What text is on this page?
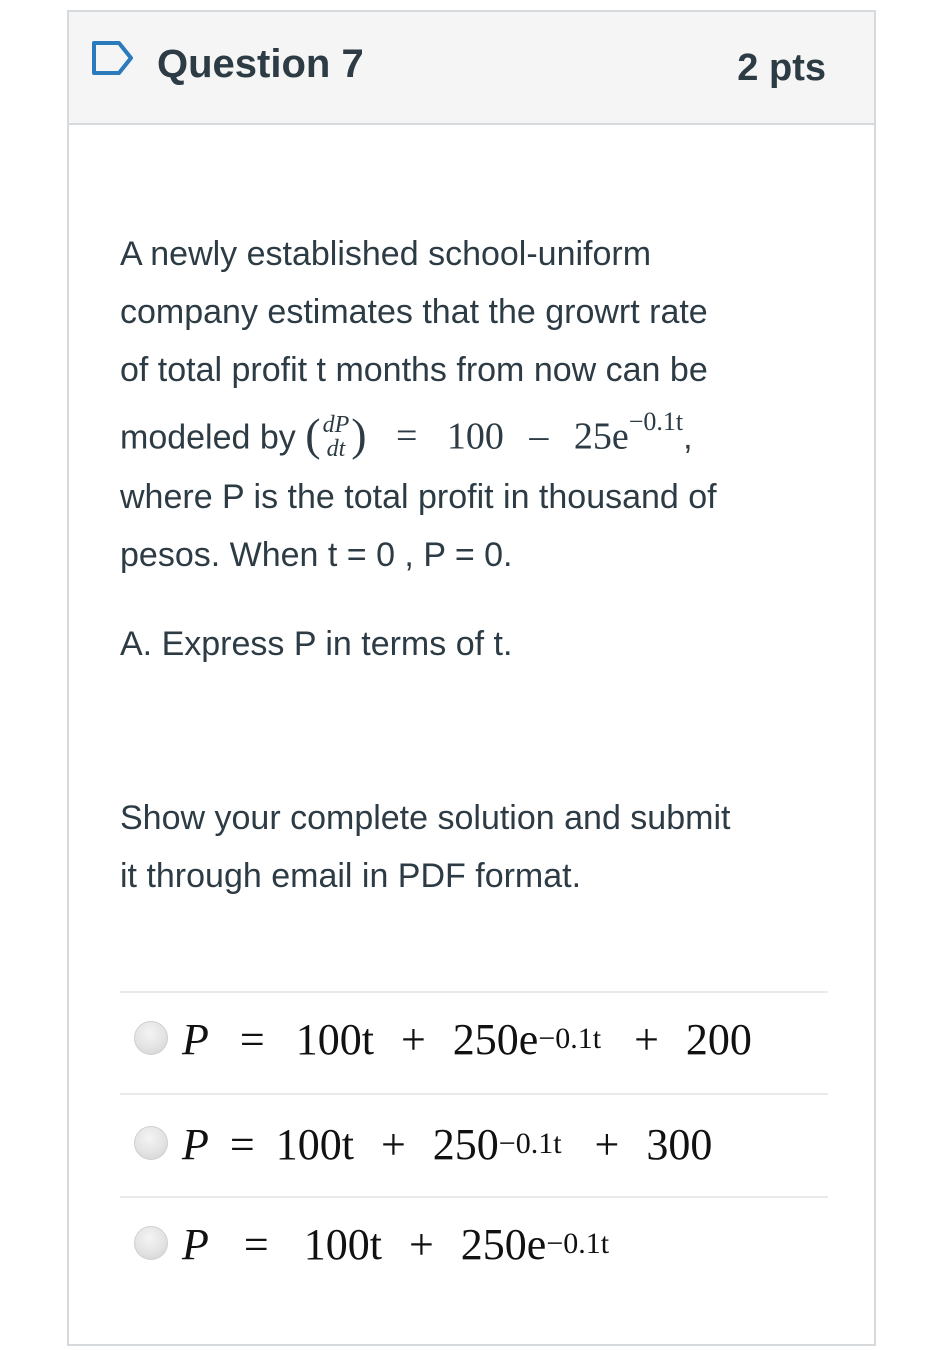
Question 7	2 pts

A newly established school-uniform

company estimates that the growrt rate

of total profit t months from now can be

modeled by ( dP
dt ) = $100 - 25e^{-0.1t}$,

where P is the total profit in thousand of

pesos. When t = 0 , P = 0.

A. Express P in terms of t.

Show your complete solution and submit

it through email in PDF format.

$P = 100t + 250e^{-0.1t} + 200$
$P = 100t + 250^{-0.1t} + 300$
$P = 100t + 250e^{-0.1t}$
